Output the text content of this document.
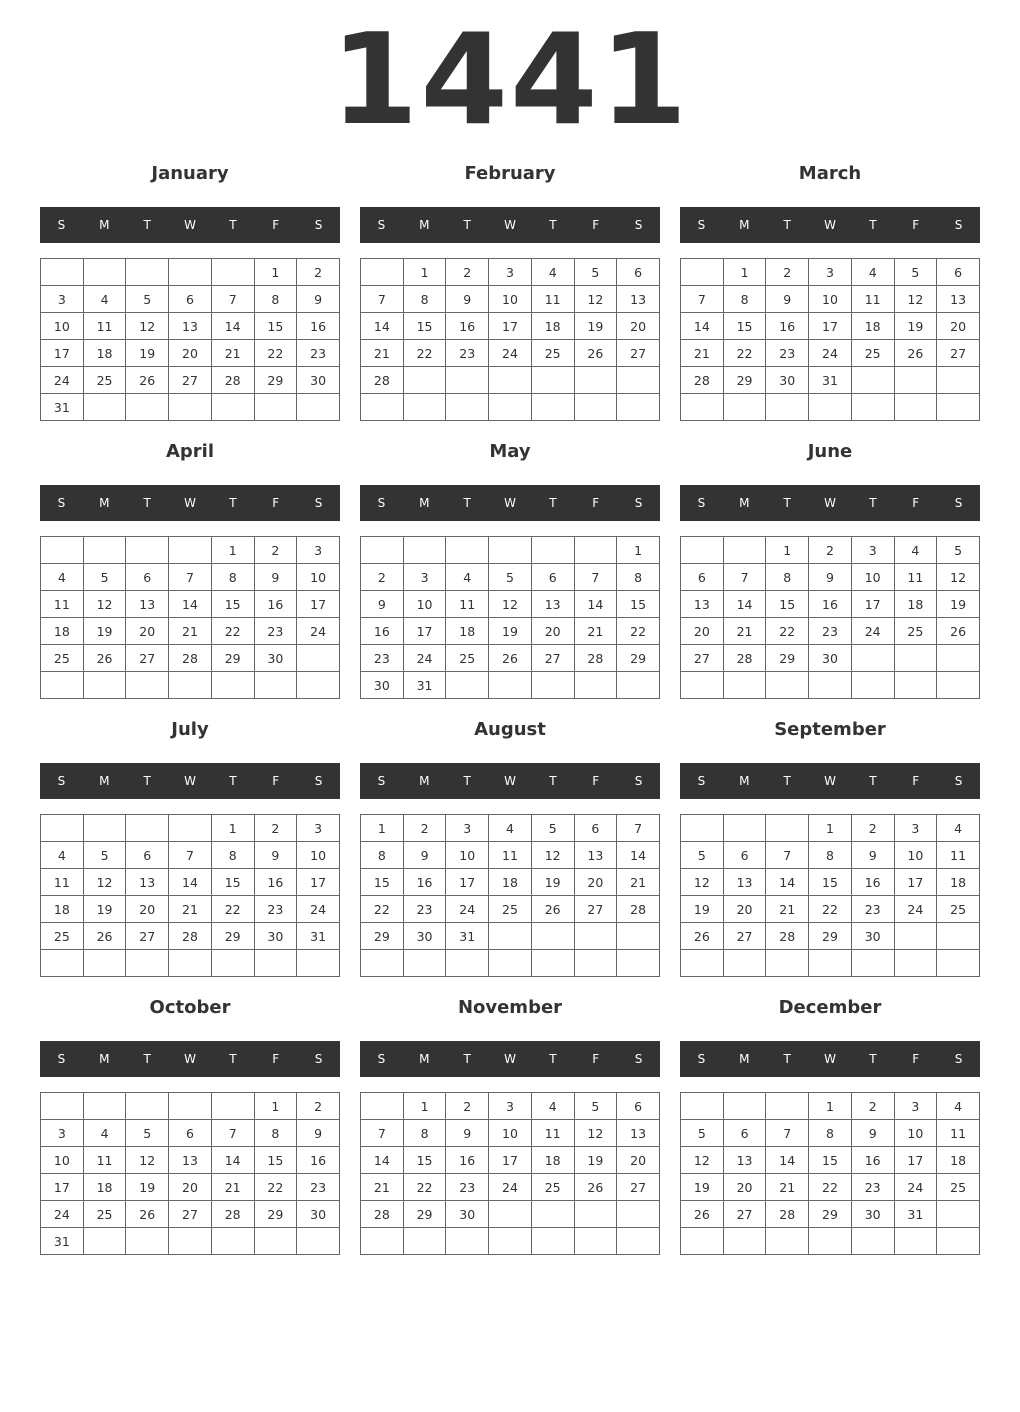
1441
January
S	M	T	W	T	F	S
					1	2
3	4	5	6	7	8	9
10	11	12	13	14	15	16
17	18	19	20	21	22	23
24	25	26	27	28	29	30
31						
February
S	M	T	W	T	F	S
	1	2	3	4	5	6
7	8	9	10	11	12	13
14	15	16	17	18	19	20
21	22	23	24	25	26	27
28						

March
S	M	T	W	T	F	S
	1	2	3	4	5	6
7	8	9	10	11	12	13
14	15	16	17	18	19	20
21	22	23	24	25	26	27
28	29	30	31			

April
S	M	T	W	T	F	S
				1	2	3
4	5	6	7	8	9	10
11	12	13	14	15	16	17
18	19	20	21	22	23	24
25	26	27	28	29	30	

May
S	M	T	W	T	F	S
						1
2	3	4	5	6	7	8
9	10	11	12	13	14	15
16	17	18	19	20	21	22
23	24	25	26	27	28	29
30	31					
June
S	M	T	W	T	F	S
		1	2	3	4	5
6	7	8	9	10	11	12
13	14	15	16	17	18	19
20	21	22	23	24	25	26
27	28	29	30			

July
S	M	T	W	T	F	S
				1	2	3
4	5	6	7	8	9	10
11	12	13	14	15	16	17
18	19	20	21	22	23	24
25	26	27	28	29	30	31

August
S	M	T	W	T	F	S
1	2	3	4	5	6	7
8	9	10	11	12	13	14
15	16	17	18	19	20	21
22	23	24	25	26	27	28
29	30	31				

September
S	M	T	W	T	F	S
			1	2	3	4
5	6	7	8	9	10	11
12	13	14	15	16	17	18
19	20	21	22	23	24	25
26	27	28	29	30		

October
S	M	T	W	T	F	S
					1	2
3	4	5	6	7	8	9
10	11	12	13	14	15	16
17	18	19	20	21	22	23
24	25	26	27	28	29	30
31						
November
S	M	T	W	T	F	S
	1	2	3	4	5	6
7	8	9	10	11	12	13
14	15	16	17	18	19	20
21	22	23	24	25	26	27
28	29	30				

December
S	M	T	W	T	F	S
			1	2	3	4
5	6	7	8	9	10	11
12	13	14	15	16	17	18
19	20	21	22	23	24	25
26	27	28	29	30	31	
